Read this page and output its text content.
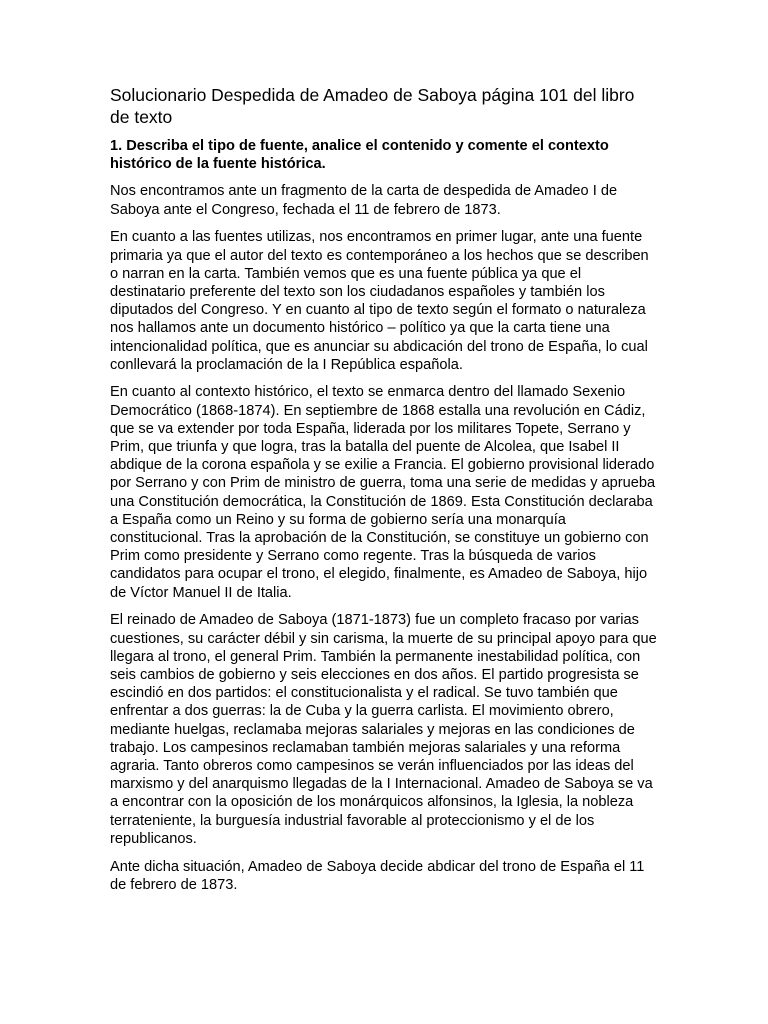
Solucionario Despedida de Amadeo de Saboya página 101 del libro de texto

1. Describa el tipo de fuente, analice el contenido y comente el contexto histórico de la fuente histórica.

Nos encontramos ante un fragmento de la carta de despedida de Amadeo I de Saboya ante el Congreso, fechada el 11 de febrero de 1873.

En cuanto a las fuentes utilizas, nos encontramos en primer lugar, ante una fuente primaria ya que el autor del texto es contemporáneo a los hechos que se describen o narran en la carta. También vemos que es una fuente pública ya que el destinatario preferente del texto son los ciudadanos españoles y también los diputados del Congreso. Y en cuanto al tipo de texto según el formato o naturaleza nos hallamos ante un documento histórico – político ya que la carta tiene una intencionalidad política, que es anunciar su abdicación del trono de España, lo cual conllevará la proclamación de la I República española.

En cuanto al contexto histórico, el texto se enmarca dentro del llamado Sexenio Democrático (1868-1874). En septiembre de 1868 estalla una revolución en Cádiz, que se va extender por toda España, liderada por los militares Topete, Serrano y Prim, que triunfa y que logra, tras la batalla del puente de Alcolea, que Isabel II abdique de la corona española y se exilie a Francia. El gobierno provisional liderado por Serrano y con Prim de ministro de guerra, toma una serie de medidas y aprueba una Constitución democrática, la Constitución de 1869. Esta Constitución declaraba a España como un Reino y su forma de gobierno sería una monarquía constitucional. Tras la aprobación de la Constitución, se constituye un gobierno con Prim como presidente y Serrano como regente. Tras la búsqueda de varios candidatos para ocupar el trono, el elegido, finalmente, es Amadeo de Saboya, hijo de Víctor Manuel II de Italia.

El reinado de Amadeo de Saboya (1871-1873) fue un completo fracaso por varias cuestiones, su carácter débil y sin carisma, la muerte de su principal apoyo para que llegara al trono, el general Prim. También la permanente inestabilidad política, con seis cambios de gobierno y seis elecciones en dos años. El partido progresista se escindió en dos partidos: el constitucionalista y el radical. Se tuvo también que enfrentar a dos guerras: la de Cuba y la guerra carlista. El movimiento obrero, mediante huelgas, reclamaba mejoras salariales y mejoras en las condiciones de trabajo. Los campesinos reclamaban también mejoras salariales y una reforma agraria. Tanto obreros como campesinos se verán influenciados por las ideas del marxismo y del anarquismo llegadas de la I Internacional. Amadeo de Saboya se va a encontrar con la oposición de los monárquicos alfonsinos, la Iglesia, la nobleza terrateniente, la burguesía industrial favorable al proteccionismo y el de los republicanos.

Ante dicha situación, Amadeo de Saboya decide abdicar del trono de España el 11 de febrero de 1873.
